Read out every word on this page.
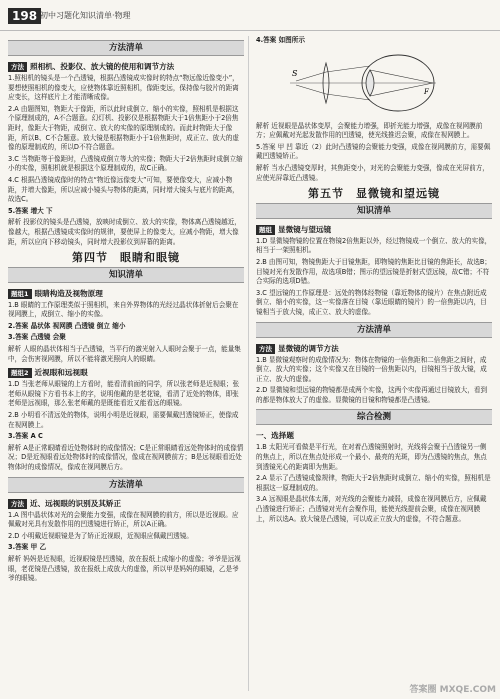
198 初中习题化知识清单·物理
方法清单
方法 照相机、投影仪、放大镜的使用和调节方法

1.照相机的镜头是一个凸透镜，根据凸透镜成实像时的特点“物远像近像变小”，要想使照相机的像变大，应使物体靠近照相机，像距变远，保持像与胶片的距离应变长，这样底片上才能清晰成像。

2.A 由题图知，物距大于像距，所以此时成倒立、缩小的实像，照相机是根据这个原理制成的，A不合题意。幻灯机、投影仪是根据物距大于1倍焦距小于2倍焦距时，像距大于物距，成倒立、放大的实像的原理制成的。而此时物距大于像距，所以B、C不合题意。放大镜是根据物距小于1倍焦距时，成正立、放大的虚像的原理制成的，所以D不符合题意。

3.C 当物距等于像距时，凸透镜成倒立等大的实像；物距大于2倍焦距时成倒立缩小的实像，照相机就是根据这个原理制成的，故C正确。

4.C 根据凸透镜成像时的特点“物近像远像变大”可知，要使像变大，应减小物距，并增大像距，所以应减小镜头与物体的距离，同时增大镜头与底片的距离，故选C。

5.答案 增大 下

解析 投影仪的镜头是凸透镜，放映时成倒立、放大的实像，物体离凸透镜越近，像越大，根据凸透镜成实像时的规律，要使屏上的像变大，应减小物距，增大像距，所以应向下移动镜头，同时增大投影仪到屏幕的距离。

第四节　眼睛和眼镜
知识清单
题组1 眼睛构造及视物原理

1.B 眼睛的工作原理类似于照相机，来自外界物体的光经过晶状体折射后会聚在视网膜上，成倒立、缩小的实像。

2.答案 晶状体 视网膜 凸透镜 倒立 缩小

3.答案 凸透镜 会聚

解析 人眼的晶状体相当于凸透镜，当平行的激光射入人眼时会聚于一点，能量集中，会伤害视网膜，所以不能将激光照向人的眼睛。

题组2 近视眼和远视眼

1.D 当张老师从眼镜的上方看时，能看清前面的同学，所以张老师是近视眼；张老师从眼镜下方看书本上的字，说明他戴的是老花镜，看清了近处的物体，即张老师是远视眼，那么张老师戴的是既能看近又能看远的眼镜。

2.B 小明看不清远处的物体，说明小明是近视眼，需要佩戴凹透镜矫正，使像成在视网膜上。

3.答案 A C

解析 A是正常眼睛看近处物体时的成像情况；C是正常眼睛看远处物体时的成像情况；D是近视眼看远处物体时的成像情况，像成在视网膜前方；B是远视眼看近处物体时的成像情况，像成在视网膜后方。

方法清单
方法 近、远视眼的识别及其矫正

1.A 图中晶状体对光的会聚能力变强，成像在视网膜的前方，所以是近视眼。应佩戴对光具有发散作用的凹透镜进行矫正，所以A正确。

2.D 小明戴近视眼镜是为了矫正近视眼，近视眼应佩戴凹透镜。

3.答案 甲 乙

解析 妈妈是近视眼，近视眼镜是凹透镜，放在报纸上成缩小的虚像；爷爷是远视眼，老花镜是凸透镜，放在报纸上成放大的虚像，所以甲是妈妈的眼镜，乙是爷爷的眼镜。

4.答案 如图所示

S
F

解析 近视眼是晶状体变厚，会聚能力增强，即折光能力增强，成像在视网膜前方；应佩戴对光起发散作用的凹透镜，使光线推迟会聚，成像在视网膜上。

5.答案 甲 凹 靠近（2）此时凸透镜的会聚能力变强，成像在视网膜前方，需要佩戴凹透镜矫正。

解析 当水凸透镜变厚时，其焦距变小，对光的会聚能力变强，像成在光屏前方，应使光屏靠近凸透镜。

第五节　显微镜和望远镜
知识清单
题组 显微镜与望远镜

1.D 显微镜物镜的位置在物镜2倍焦距以外，经过物镜成一个倒立、放大的实像，相当于一架照相机。

2.B 由图可知，物镜焦距大于目镜焦距，即物镜的焦距比目镜的焦距长，故选B；目镜对光有发散作用，故选项B错；图示的望远镜是折射式望远镜，故C错；不符合实际的选项D错。

3.C 望远镜的工作原理是：远处的物体经物镜（靠近物体的镜片）在焦点附近成倒立、缩小的实像，这一实像落在目镜（靠近眼睛的镜片）的一倍焦距以内，目镜相当于放大镜，成正立、放大的虚像。

方法清单
方法 显微镜的调节方法

1.B 显微镜观察时的成像情况为：物体在物镜的一倍焦距和二倍焦距之间时，成倒立、放大的实像；这个实像又在目镜的一倍焦距以内，目镜相当于放大镜，成正立、放大的虚像。

2.D 显微镜和望远镜的物镜都是成两个实像，这两个实像再通过目镜放大，看到的都是物体放大了的虚像。显微镜的目镜和物镜都是凸透镜。

综合检测
一、选择题

1.B 太阳光可看做是平行光，在对着凸透镜照射时，光线将会聚于凸透镜另一侧的焦点上，所以在焦点处形成一个最小、最亮的光斑，即为凸透镜的焦点，焦点到透镜光心的距离即为焦距。

2.A 显示了凸透镜成像规律，物距大于2倍焦距时成倒立、缩小的实像，照相机是根据这一原理制成的。

3.A 远视眼是晶状体太薄，对光线的会聚能力减弱，成像在视网膜后方，应佩戴凸透镜进行矫正；凸透镜对光有会聚作用，能使光线提前会聚，成像在视网膜上，所以选A。放大镜是凸透镜，可以成正立放大的虚像，不符合题意。

答案圈 MXQE.COM
